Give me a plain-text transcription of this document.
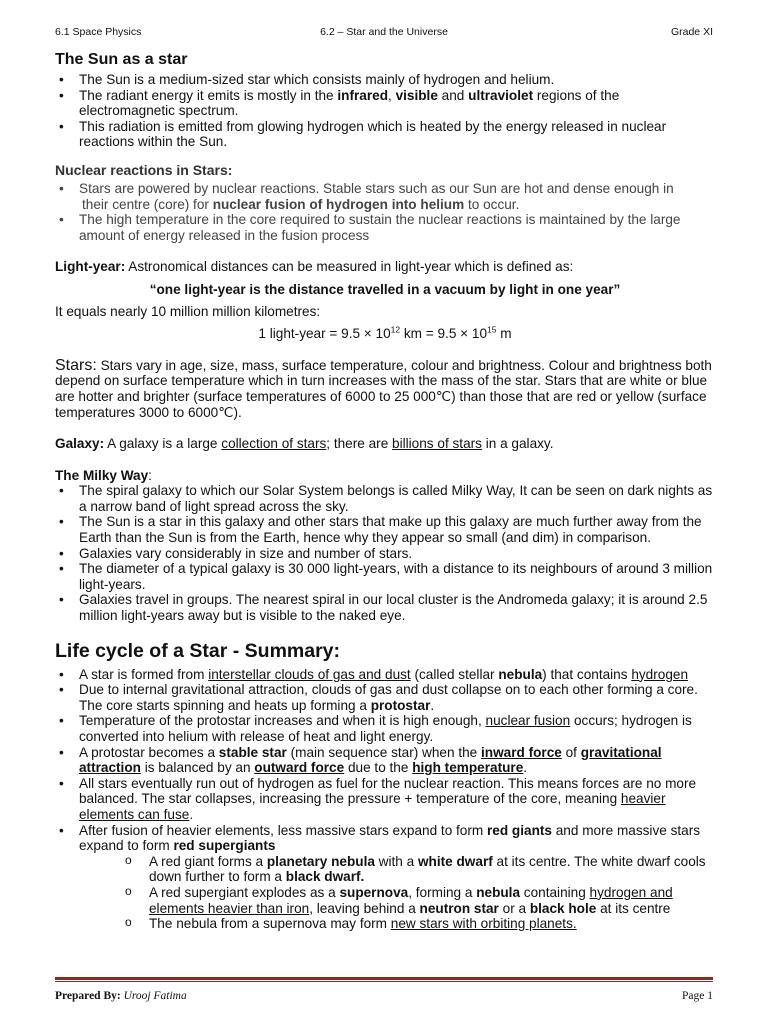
6.2 – Star and the Universe
6.1 Space Physics	Grade XI
The Sun as a star
• The Sun is a medium-sized star which consists mainly of hydrogen and helium.
• The radiant energy it emits is mostly in the infrared, visible and ultraviolet regions of the electromagnetic spectrum.
• This radiation is emitted from glowing hydrogen which is heated by the energy released in nuclear reactions within the Sun.
Nuclear reactions in Stars:
• Stars are powered by nuclear reactions. Stable stars such as our Sun are hot and dense enough in
their centre (core) for nuclear fusion of hydrogen into helium to occur.
• The high temperature in the core required to sustain the nuclear reactions is maintained by the large amount of energy released in the fusion process

Light-year: Astronomical distances can be measured in light-year which is defined as:

“one light-year is the distance travelled in a vacuum by light in one year”

It equals nearly 10 million million kilometres:

1 light-year = $9.5 \times 10^{12}$ km = $9.5 \times 10^{15}$ m

Stars: Stars vary in age, size, mass, surface temperature, colour and brightness. Colour and brightness both depend on surface temperature which in turn increases with the mass of the star. Stars that are white or blue are hotter and brighter (surface temperatures of 6000 to 25 000℃) than those that are red or yellow (surface temperatures 3000 to 6000℃).

Galaxy: A galaxy is a large collection of stars; there are billions of stars in a galaxy.

The Milky Way:

• The spiral galaxy to which our Solar System belongs is called Milky Way, It can be seen on dark nights as a narrow band of light spread across the sky.
• The Sun is a star in this galaxy and other stars that make up this galaxy are much further away from the Earth than the Sun is from the Earth, hence why they appear so small (and dim) in comparison.
• Galaxies vary considerably in size and number of stars.
• The diameter of a typical galaxy is 30 000 light-years, with a distance to its neighbours of around 3 million light-years.
• Galaxies travel in groups. The nearest spiral in our local cluster is the Andromeda galaxy; it is around 2.5 million light-years away but is visible to the naked eye.
Life cycle of a Star - Summary:
• A star is formed from interstellar clouds of gas and dust (called stellar nebula) that contains hydrogen
• Due to internal gravitational attraction, clouds of gas and dust collapse on to each other forming a core. The core starts spinning and heats up forming a protostar.
• Temperature of the protostar increases and when it is high enough, nuclear fusion occurs; hydrogen is converted into helium with release of heat and light energy.
• A protostar becomes a stable star (main sequence star) when the inward force of gravitational attraction is balanced by an outward force due to the high temperature.
• All stars eventually run out of hydrogen as fuel for the nuclear reaction. This means forces are no more balanced. The star collapses, increasing the pressure + temperature of the core, meaning heavier elements can fuse.
• After fusion of heavier elements, less massive stars expand to form red giants and more massive stars expand to form red supergiants
o A red giant forms a planetary nebula with a white dwarf at its centre. The white dwarf cools down further to form a black dwarf.
o A red supergiant explodes as a supernova, forming a nebula containing hydrogen and elements heavier than iron, leaving behind a neutron star or a black hole at its centre
o The nebula from a supernova may form new stars with orbiting planets.
Prepared By: Urooj Fatima	Page 1
